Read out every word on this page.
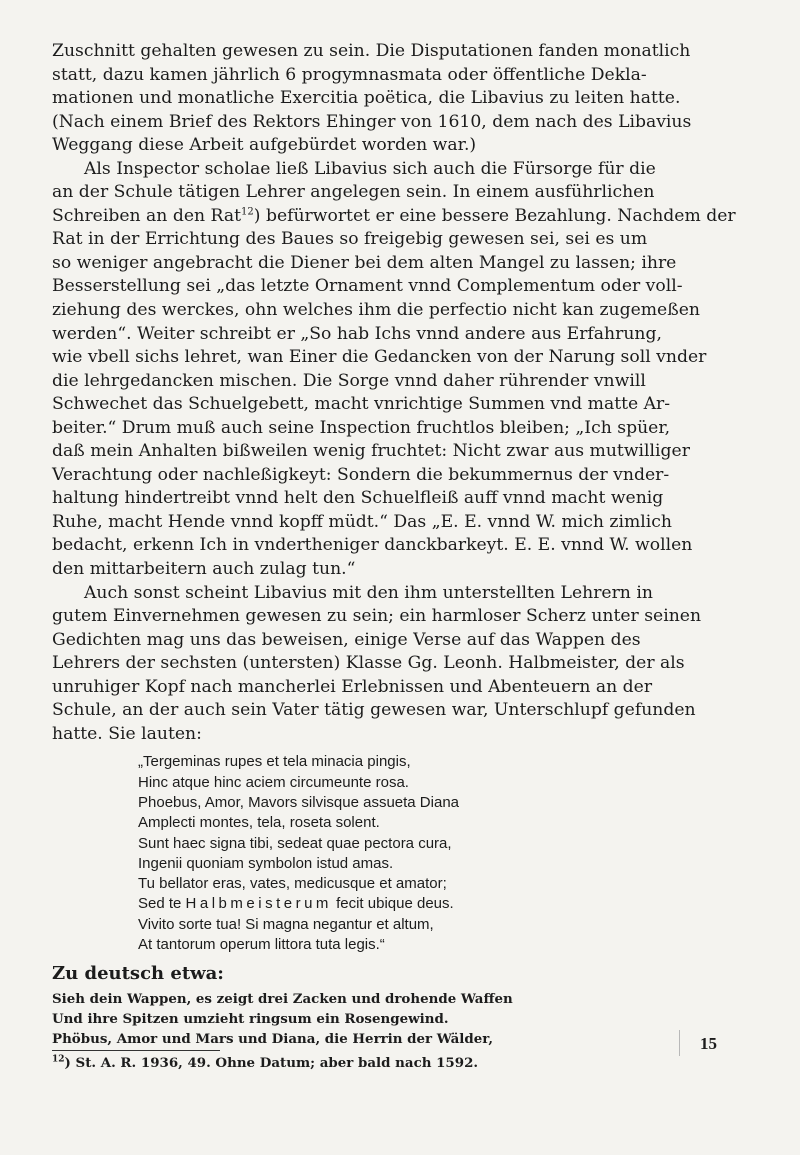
Zuschnitt gehalten gewesen zu sein. Die Disputationen fanden monatlich
statt, dazu kamen jährlich 6 progymnasmata oder öffentliche Dekla-
mationen und monatliche Exercitia poëtica, die Libavius zu leiten hatte.
(Nach einem Brief des Rektors Ehinger von 1610, dem nach des Libavius
Weggang diese Arbeit aufgebürdet worden war.)

Als Inspector scholae ließ Libavius sich auch die Fürsorge für die
an der Schule tätigen Lehrer angelegen sein. In einem ausführlichen
Schreiben an den Rat$^{12}$) befürwortet er eine bessere Bezahlung. Nachdem der
Rat in der Errichtung des Baues so freigebig gewesen sei, sei es um
so weniger angebracht die Diener bei dem alten Mangel zu lassen; ihre
Besserstellung sei „das letzte Ornament vnnd Complementum oder voll-
ziehung des werckes, ohn welches ihm die perfectio nicht kan zugemeßen
werden“. Weiter schreibt er „So hab Ichs vnnd andere aus Erfahrung,
wie vbell sichs lehret, wan Einer die Gedancken von der Narung soll vnder
die lehrgedancken mischen. Die Sorge vnnd daher rührender vnwill
Schwechet das Schuelgebett, macht vnrichtige Summen vnd matte Ar-
beiter.“ Drum muß auch seine Inspection fruchtlos bleiben; „Ich spüer,
daß mein Anhalten bißweilen wenig fruchtet: Nicht zwar aus mutwilliger
Verachtung oder nachleßigkeyt: Sondern die bekummernus der vnder-
haltung hindertreibt vnnd helt den Schuelfleiß auff vnnd macht wenig
Ruhe, macht Hende vnnd kopff müdt.“ Das „E. E. vnnd W. mich zimlich
bedacht, erkenn Ich in vndertheniger danckbarkeyt. E. E. vnnd W. wollen
den mittarbeitern auch zulag tun.“

Auch sonst scheint Libavius mit den ihm unterstellten Lehrern in
gutem Einvernehmen gewesen zu sein; ein harmloser Scherz unter seinen
Gedichten mag uns das beweisen, einige Verse auf das Wappen des
Lehrers der sechsten (untersten) Klasse Gg. Leonh. Halbmeister, der als
unruhiger Kopf nach mancherlei Erlebnissen und Abenteuern an der
Schule, an der auch sein Vater tätig gewesen war, Unterschlupf gefunden
hatte. Sie lauten:

„Tergeminas rupes et tela minacia pingis,
Hinc atque hinc aciem circumeunte rosa.
Phoebus, Amor, Mavors silvisque assueta Diana
Amplecti montes, tela, roseta solent.
Sunt haec signa tibi, sedeat quae pectora cura,
Ingenii quoniam symbolon istud amas.
Tu bellator eras, vates, medicusque et amator;
Sed te Halbmeisterum fecit ubique deus.
Vivito sorte tua! Si magna negantur et altum,
At tantorum operum littora tuta legis.“
Zu deutsch etwa:
Sieh dein Wappen, es zeigt drei Zacken und drohende Waffen
Und ihre Spitzen umzieht ringsum ein Rosengewind.
Phöbus, Amor und Mars und Diana, die Herrin der Wälder,
$^{12}$) St. A. R. 1936, 49. Ohne Datum; aber bald nach 1592.
15
